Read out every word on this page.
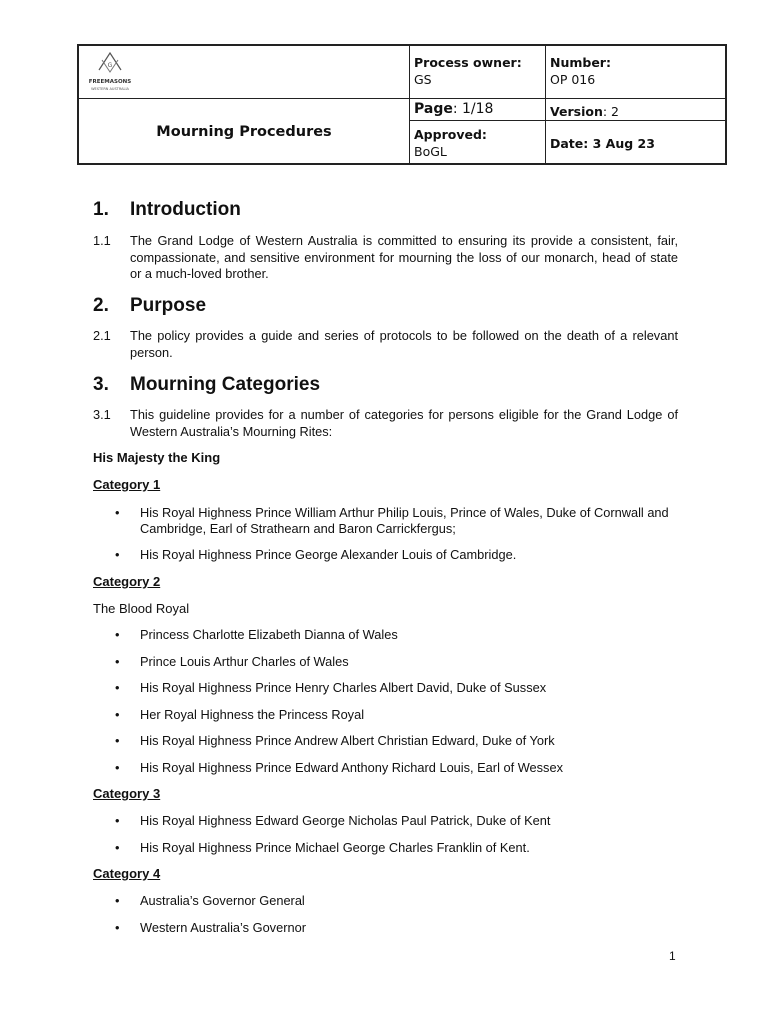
G
FREEMASONS
WESTERN AUSTRALIA
Mourning Procedures
Process owner:
GS
Number:
OP 016
Page: 1/18	Version: 2
Approved:
BoGL
Date: 3 Aug 23
1. Introduction
1.1	The Grand Lodge of Western Australia is committed to ensuring its provide a consistent, fair, compassionate, and sensitive environment for mourning the loss of our monarch, head of state or a much-loved brother.
2. Purpose
2.1	The policy provides a guide and series of protocols to be followed on the death of a relevant person.
3. Mourning Categories
3.1	This guideline provides for a number of categories for persons eligible for the Grand Lodge of Western Australia’s Mourning Rites:
His Majesty the King
Category 1
• His Royal Highness Prince William Arthur Philip Louis, Prince of Wales, Duke of Cornwall and Cambridge, Earl of Strathearn and Baron Carrickfergus;
• His Royal Highness Prince George Alexander Louis of Cambridge.
Category 2
The Blood Royal
• Princess Charlotte Elizabeth Dianna of Wales
• Prince Louis Arthur Charles of Wales
• His Royal Highness Prince Henry Charles Albert David, Duke of Sussex
• Her Royal Highness the Princess Royal
• His Royal Highness Prince Andrew Albert Christian Edward, Duke of York
• His Royal Highness Prince Edward Anthony Richard Louis, Earl of Wessex
Category 3
• His Royal Highness Edward George Nicholas Paul Patrick, Duke of Kent
• His Royal Highness Prince Michael George Charles Franklin of Kent.
Category 4
• Australia’s Governor General
• Western Australia’s Governor
1
